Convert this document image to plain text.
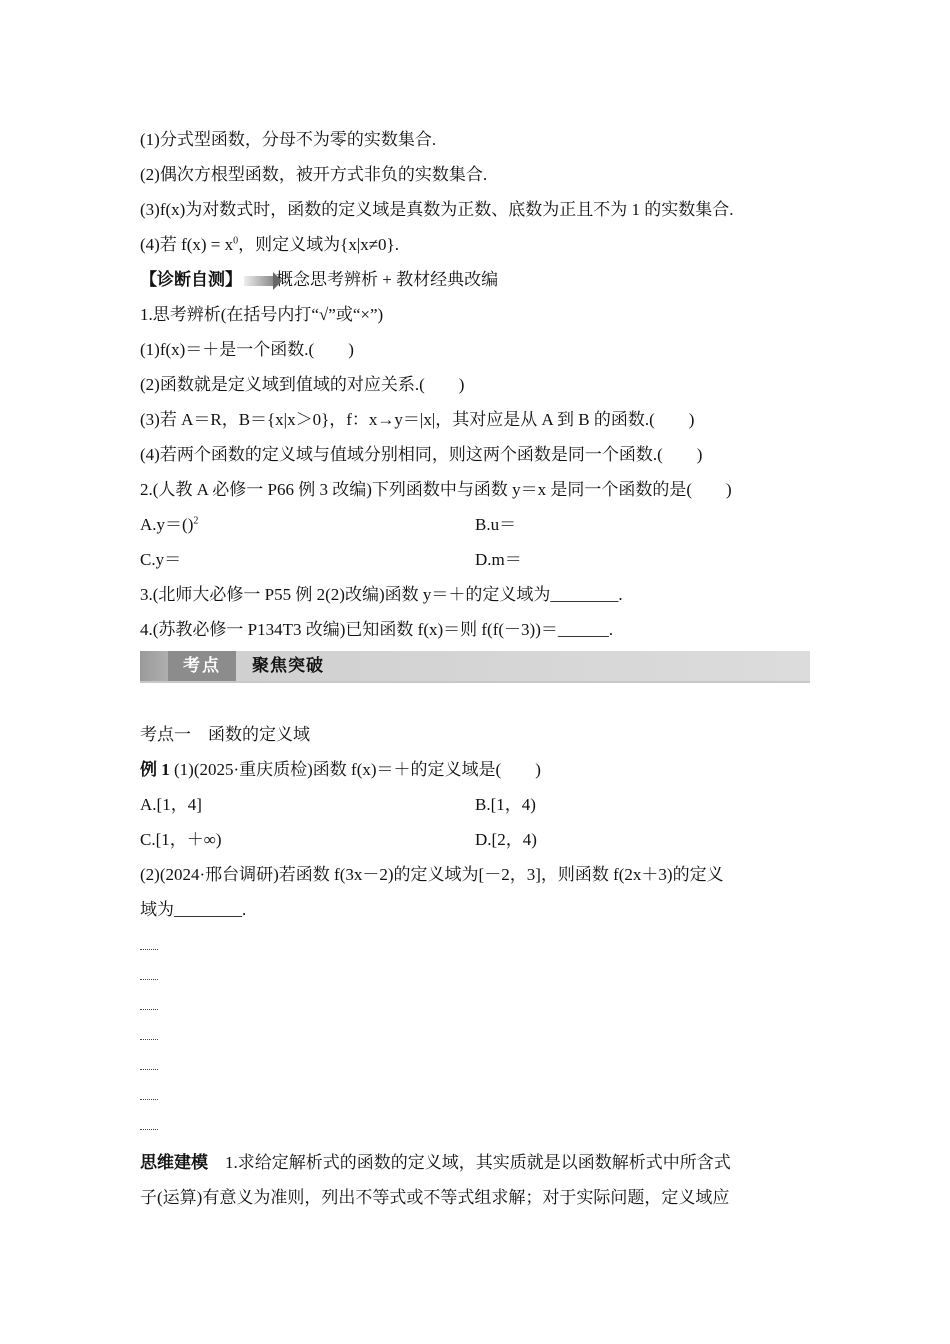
(1)分式型函数，分母不为零的实数集合.
(2)偶次方根型函数，被开方式非负的实数集合.
(3)f(x)为对数式时，函数的定义域是真数为正数、底数为正且不为 1 的实数集合.
(4)若 $f(x) = x^0$，则定义域为{x|x≠0}.
【诊断自测】 概念思考辨析 + 教材经典改编
1.思考辨析(在括号内打“√”或“×”)
(1)f(x)＝＋是一个函数.(　　)
(2)函数就是定义域到值域的对应关系.(　　)
(3)若 A＝R，B＝{x|x＞0}，f：x→y＝|x|，其对应是从 A 到 B 的函数.(　　)
(4)若两个函数的定义域与值域分别相同，则这两个函数是同一个函数.(　　)
2.(人教 A 必修一 P66 例 3 改编)下列函数中与函数 y＝x 是同一个函数的是(　　)
A.y＝()$^2$	B.u＝
C.y＝	D.m＝
3.(北师大必修一 P55 例 2(2)改编)函数 y＝＋的定义域为________.
4.(苏教必修一 P134T3 改编)已知函数 f(x)＝则 f(f(－3))＝______.
考点	聚焦突破
考点一　函数的定义域
例 1 (1)(2025·重庆质检)函数 f(x)＝＋的定义域是(　　)
A.[1，4]	B.[1，4)
C.[1，＋∞)	D.[2，4)
(2)(2024·邢台调研)若函数 f(3x－2)的定义域为[－2，3]，则函数 f(2x＋3)的定义
域为________.
思维建模　1.求给定解析式的函数的定义域，其实质就是以函数解析式中所含式
子(运算)有意义为准则，列出不等式或不等式组求解；对于实际问题，定义域应
